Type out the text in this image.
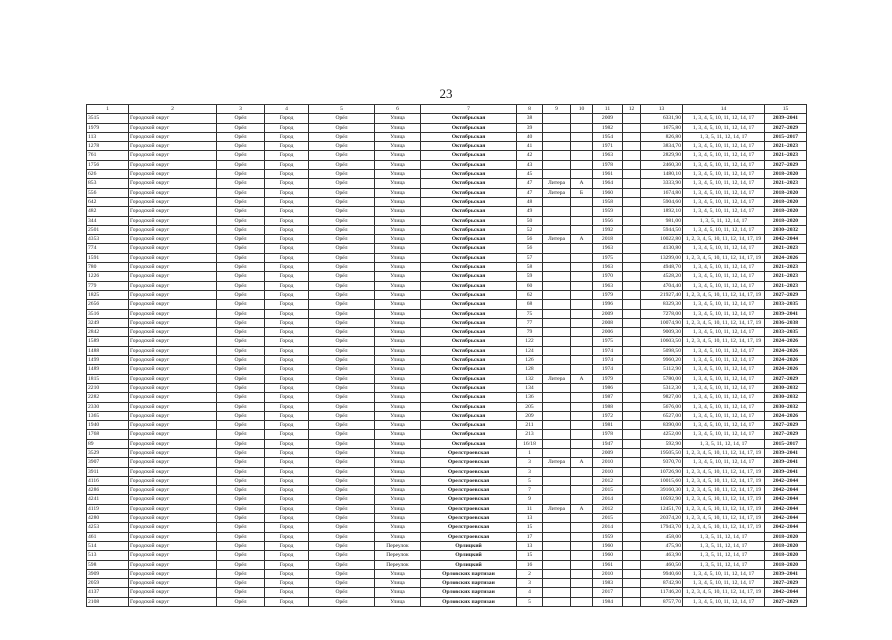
23
1	2	3	4	5	6	7	8	9	10	11	12	13	14	15
3515	Городской округ	Орёл	Город	Орёл	Улица	Октябрьская	38			2009		6331,90	1, 3, 4, 5, 10, 11, 12, 14, 17	2039–2041
1979	Городской округ	Орёл	Город	Орёл	Улица	Октябрьская	39			1982		1675,80	1, 3, 4, 5, 10, 11, 12, 14, 17	2027–2029
113	Городской округ	Орёл	Город	Орёл	Улица	Октябрьская	40			1954		826,80	1, 3, 5, 11, 12, 14, 17	2015–2017
1278	Городской округ	Орёл	Город	Орёл	Улица	Октябрьская	41			1971		3834,70	1, 3, 4, 5, 10, 11, 12, 14, 17	2021–2023
761	Городской округ	Орёл	Город	Орёл	Улица	Октябрьская	42			1963		2829,90	1, 3, 4, 5, 10, 11, 12, 14, 17	2021–2023
1756	Городской округ	Орёл	Город	Орёл	Улица	Октябрьская	43			1978		2460,30	1, 3, 4, 5, 10, 11, 12, 14, 17	2027–2029
626	Городской округ	Орёл	Город	Орёл	Улица	Октябрьская	45			1961		1480,10	1, 3, 4, 5, 10, 11, 12, 14, 17	2018–2020
853	Городской округ	Орёл	Город	Орёл	Улица	Октябрьская	47	Литера	А	1964		3333,90	1, 3, 4, 5, 10, 11, 12, 14, 17	2021–2023
556	Городской округ	Орёл	Город	Орёл	Улица	Октябрьская	47	Литера	Б	1960		1674,80	1, 3, 4, 5, 10, 11, 12, 14, 17	2018–2020
642	Городской округ	Орёл	Город	Орёл	Улица	Октябрьская	48			1958		5904,60	1, 3, 4, 5, 10, 11, 12, 14, 17	2018–2020
482	Городской округ	Орёл	Город	Орёл	Улица	Октябрьская	49			1959		1892,10	1, 3, 4, 5, 10, 11, 12, 14, 17	2018–2020
344	Городской округ	Орёл	Город	Орёл	Улица	Октябрьская	50			1956		981,00	1, 3, 5, 11, 12, 14, 17	2018–2020
2501	Городской округ	Орёл	Город	Орёл	Улица	Октябрьская	52			1992		5944,50	1, 3, 4, 5, 10, 11, 12, 14, 17	2030–2032
4353	Городской округ	Орёл	Город	Орёл	Улица	Октябрьская	56	Литера	А	2018		10022,80	1, 2, 3, 4, 5, 10, 11, 12, 14, 17, 19	2042–2044
774	Городской округ	Орёл	Город	Орёл	Улица	Октябрьская	56			1963		4130,80	1, 3, 4, 5, 10, 11, 12, 14, 17	2021–2023
1591	Городской округ	Орёл	Город	Орёл	Улица	Октябрьская	57			1975		13299,00	1, 2, 3, 4, 5, 10, 11, 12, 14, 17, 19	2024–2026
780	Городской округ	Орёл	Город	Орёл	Улица	Октябрьская	58			1963		4948,70	1, 3, 4, 5, 10, 11, 12, 14, 17	2021–2023
1226	Городской округ	Орёл	Город	Орёл	Улица	Октябрьская	59			1970		4528,20	1, 3, 4, 5, 10, 11, 12, 14, 17	2021–2023
779	Городской округ	Орёл	Город	Орёл	Улица	Октябрьская	60			1963		4704,40	1, 3, 4, 5, 10, 11, 12, 14, 17	2021–2023
1825	Городской округ	Орёл	Город	Орёл	Улица	Октябрьская	62			1979		21927,40	1, 2, 3, 4, 5, 10, 11, 12, 14, 17, 19	2027–2029
2656	Городской округ	Орёл	Город	Орёл	Улица	Октябрьская	68			1996		8329,30	1, 3, 4, 5, 10, 11, 12, 14, 17	2033–2035
3516	Городской округ	Орёл	Город	Орёл	Улица	Октябрьская	75			2009		7278,00	1, 3, 4, 5, 10, 11, 12, 14, 17	2039–2041
3249	Городской округ	Орёл	Город	Орёл	Улица	Октябрьская	77			2008		10074,90	1, 2, 3, 4, 5, 10, 11, 12, 14, 17, 19	2036–2038
2842	Городской округ	Орёл	Город	Орёл	Улица	Октябрьская	79			2006		9009,30	1, 3, 4, 5, 10, 11, 12, 14, 17	2033–2035
1589	Городской округ	Орёл	Город	Орёл	Улица	Октябрьская	122			1975		10603,50	1, 2, 3, 4, 5, 10, 11, 12, 14, 17, 19	2024–2026
1488	Городской округ	Орёл	Город	Орёл	Улица	Октябрьская	124			1974		5098,50	1, 3, 4, 5, 10, 11, 12, 14, 17	2024–2026
1499	Городской округ	Орёл	Город	Орёл	Улица	Октябрьская	126			1974		9960,20	1, 3, 4, 5, 10, 11, 12, 14, 17	2024–2026
1489	Городской округ	Орёл	Город	Орёл	Улица	Октябрьская	128			1974		5112,90	1, 3, 4, 5, 10, 11, 12, 14, 17	2024–2026
1815	Городской округ	Орёл	Город	Орёл	Улица	Октябрьская	132	Литера	А	1979		5780,00	1, 3, 4, 5, 10, 11, 12, 14, 17	2027–2029
2210	Городской округ	Орёл	Город	Орёл	Улица	Октябрьская	134			1986		5312,30	1, 3, 4, 5, 10, 11, 12, 14, 17	2030–2032
2282	Городской округ	Орёл	Город	Орёл	Улица	Октябрьская	136			1987		9827,00	1, 3, 4, 5, 10, 11, 12, 14, 17	2030–2032
2330	Городской округ	Орёл	Город	Орёл	Улица	Октябрьская	205			1988		5676,00	1, 3, 4, 5, 10, 11, 12, 14, 17	2030–2032
1365	Городской округ	Орёл	Город	Орёл	Улица	Октябрьская	209			1972		6527,00	1, 3, 4, 5, 10, 11, 12, 14, 17	2024–2026
1940	Городской округ	Орёл	Город	Орёл	Улица	Октябрьская	211			1981		8390,00	1, 3, 4, 5, 10, 11, 12, 14, 17	2027–2029
1768	Городской округ	Орёл	Город	Орёл	Улица	Октябрьская	213			1978		4252,00	1, 3, 4, 5, 10, 11, 12, 14, 17	2027–2029
89	Городской округ	Орёл	Город	Орёл	Улица	Октябрьская	16/18			1947		592,90	1, 3, 5, 11, 12, 14, 17	2015–2017
3529	Городской округ	Орёл	Город	Орёл	Улица	Орелстроевская	1			2009		19505,50	1, 2, 3, 4, 5, 10, 11, 12, 14, 17, 19	2039–2041
3907	Городской округ	Орёл	Город	Орёл	Улица	Орелстроевская	3	Литера	А	2010		9370,70	1, 3, 4, 5, 10, 11, 12, 14, 17	2039–2041
3911	Городской округ	Орёл	Город	Орёл	Улица	Орелстроевская	3			2010		10726,90	1, 2, 3, 4, 5, 10, 11, 12, 14, 17, 19	2039–2041
4116	Городской округ	Орёл	Город	Орёл	Улица	Орелстроевская	5			2012		10015,60	1, 2, 3, 4, 5, 10, 11, 12, 14, 17, 19	2042–2044
4286	Городской округ	Орёл	Город	Орёл	Улица	Орелстроевская	7			2015		39160,30	1, 2, 3, 4, 5, 10, 11, 12, 14, 17, 19	2042–2044
4241	Городской округ	Орёл	Город	Орёл	Улица	Орелстроевская	9			2014		10592,90	1, 2, 3, 4, 5, 10, 11, 12, 14, 17, 19	2042–2044
4119	Городской округ	Орёл	Город	Орёл	Улица	Орелстроевская	11	Литера	А	2012		12451,70	1, 2, 3, 4, 5, 10, 11, 12, 14, 17, 19	2042–2044
4280	Городской округ	Орёл	Город	Орёл	Улица	Орелстроевская	13			2015		20374,20	1, 2, 3, 4, 5, 10, 11, 12, 14, 17, 19	2042–2044
4253	Городской округ	Орёл	Город	Орёл	Улица	Орелстроевская	15			2014		17943,70	1, 2, 3, 4, 5, 10, 11, 12, 14, 17, 19	2042–2044
461	Городской округ	Орёл	Город	Орёл	Улица	Орелстроевская	17			1959		458,00	1, 3, 5, 11, 12, 14, 17	2018–2020
514	Городской округ	Орёл	Город	Орёл	Переулок	Орлицкий	13			1960		475,90	1, 3, 5, 11, 12, 14, 17	2018–2020
513	Городской округ	Орёл	Город	Орёл	Переулок	Орлицкий	15			1960		463,90	1, 3, 5, 11, 12, 14, 17	2018–2020
598	Городской округ	Орёл	Город	Орёл	Переулок	Орлицкий	16			1961		460,50	1, 3, 5, 11, 12, 14, 17	2018–2020
3909	Городской округ	Орёл	Город	Орёл	Улица	Орловских партизан	2			2010		9940,60	1, 3, 4, 5, 10, 11, 12, 14, 17	2039–2041
2059	Городской округ	Орёл	Город	Орёл	Улица	Орловских партизан	3			1983		8742,90	1, 3, 4, 5, 10, 11, 12, 14, 17	2027–2029
4137	Городской округ	Орёл	Город	Орёл	Улица	Орловских партизан	4			2017		11746,20	1, 2, 3, 4, 5, 10, 11, 12, 14, 17, 19	2042–2044
2108	Городской округ	Орёл	Город	Орёл	Улица	Орловских партизан	5			1984		8757,70	1, 3, 4, 5, 10, 11, 12, 14, 17	2027–2029
